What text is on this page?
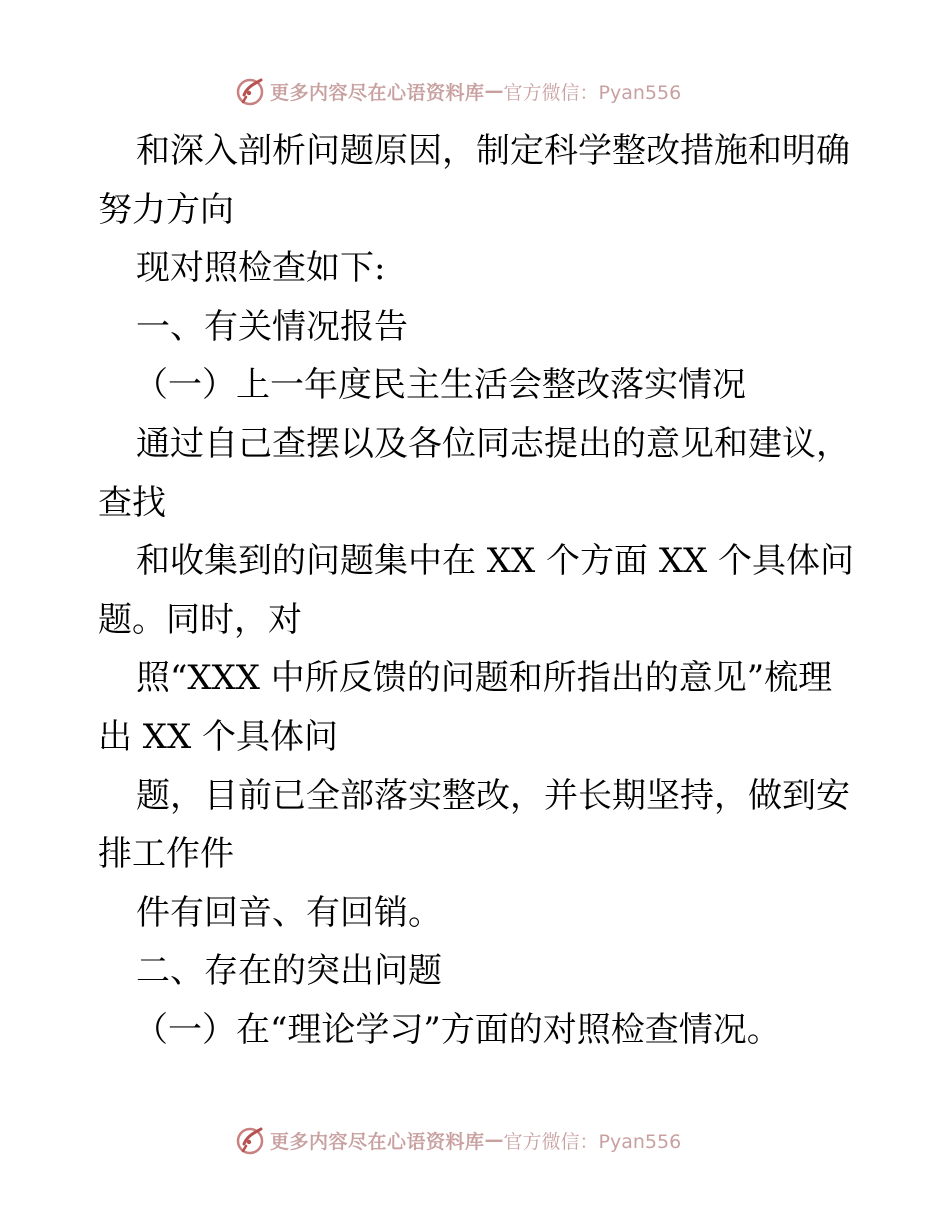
更多内容尽在心语资料库 — 官方微信：Pyan556
和深入剖析问题原因，制定科学整改措施和明确
努力方向
现对照检查如下:
一、有关情况报告
（一）上一年度民主生活会整改落实情况
通过自己查摆以及各位同志提出的意见和建议，
查找
和收集到的问题集中在 XX 个方面 XX 个具体问
题。同时，对
照“XXX 中所反馈的问题和所指出的意见”梳理
出 XX 个具体问
题，目前已全部落实整改，并长期坚持，做到安
排工作件
件有回音、有回销。
二、存在的突出问题
（一）在“理论学习”方面的对照检查情况。
更多内容尽在心语资料库 — 官方微信：Pyan556
